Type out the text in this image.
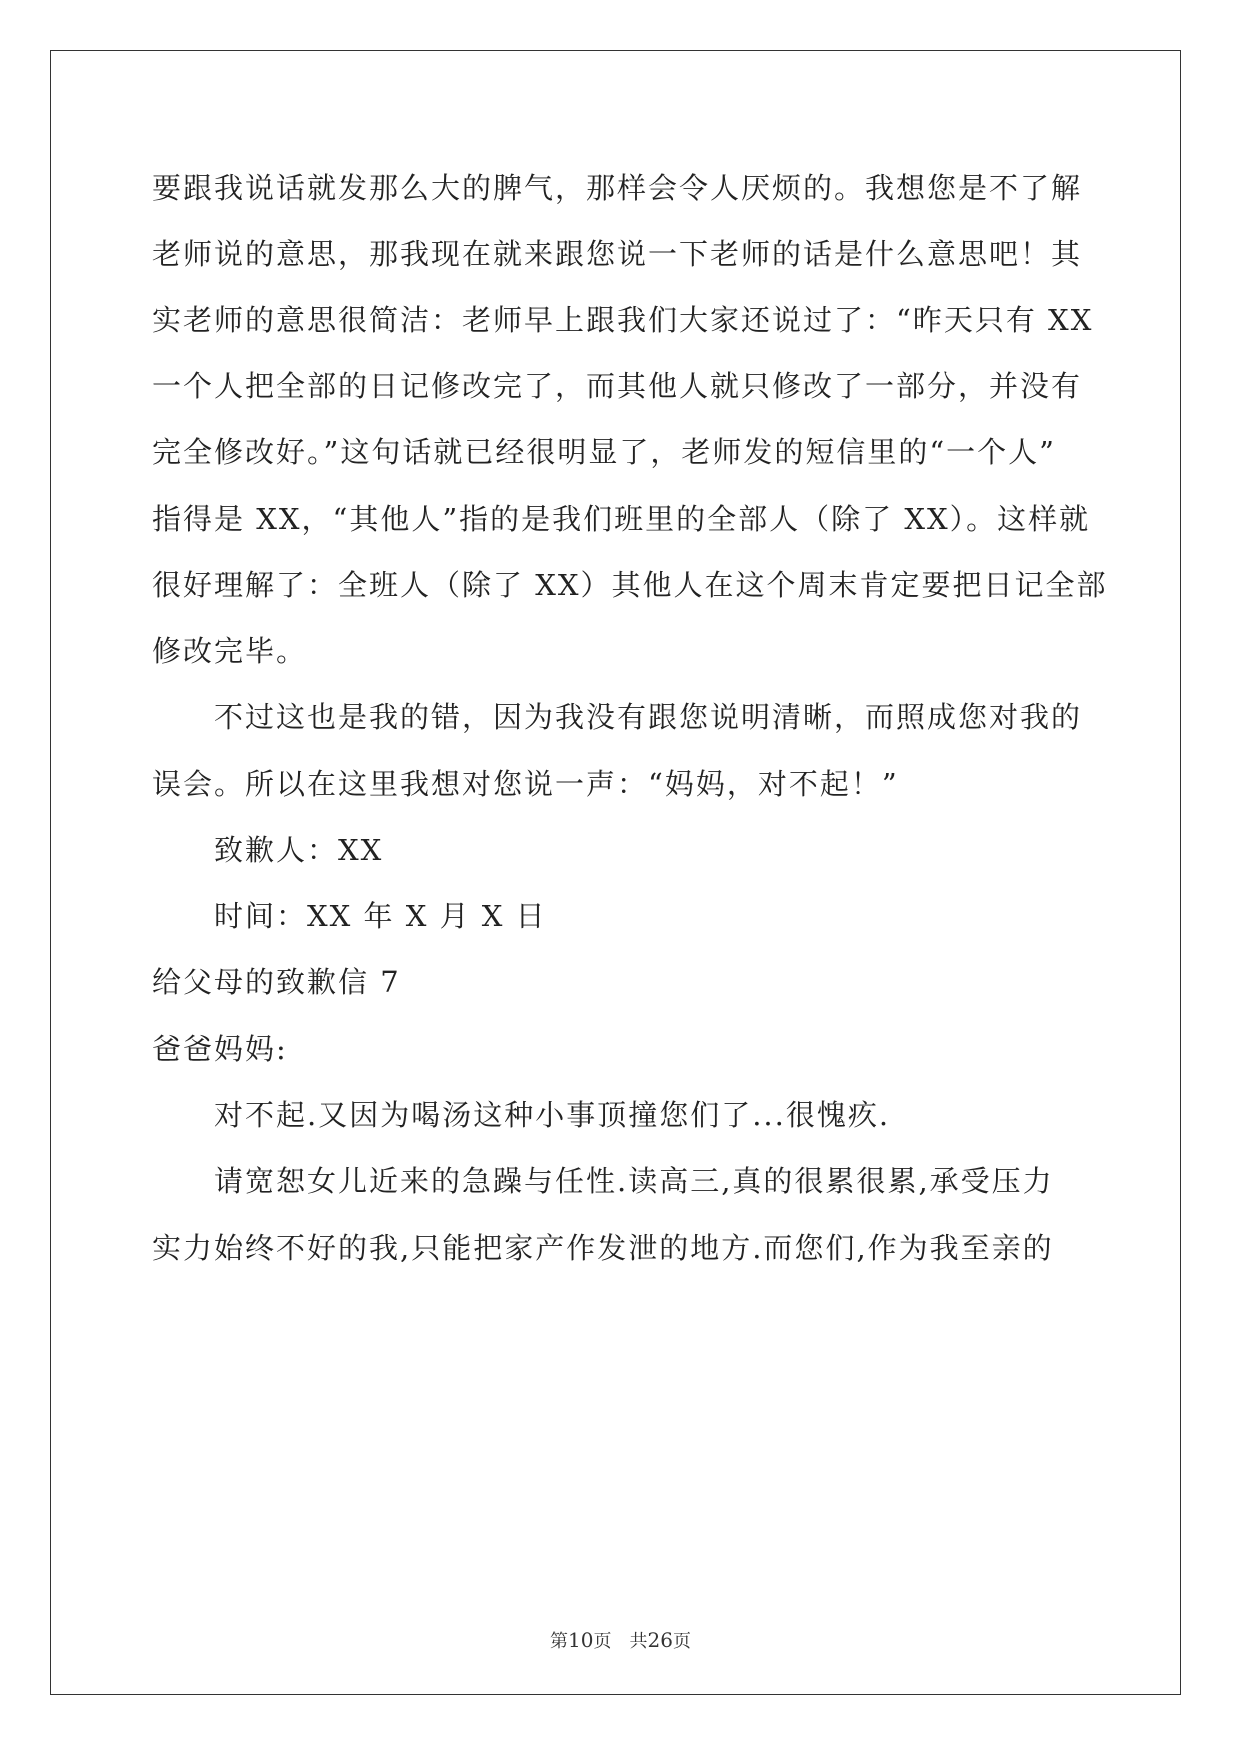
要跟我说话就发那么大的脾气，那样会令人厌烦的。我想您是不了解
老师说的意思，那我现在就来跟您说一下老师的话是什么意思吧！其
实老师的意思很简洁：老师早上跟我们大家还说过了：“昨天只有 XX
一个人把全部的日记修改完了，而其他人就只修改了一部分，并没有
完全修改好。”这句话就已经很明显了，老师发的短信里的“一个人”
指得是 XX，“其他人”指的是我们班里的全部人（除了 XX）。这样就
很好理解了：全班人（除了 XX）其他人在这个周末肯定要把日记全部
修改完毕。
不过这也是我的错，因为我没有跟您说明清晰，而照成您对我的
误会。所以在这里我想对您说一声：“妈妈，对不起！”
致歉人：XX
时间：XX 年 X 月 X 日
给父母的致歉信 7
爸爸妈妈:
对不起.又因为喝汤这种小事顶撞您们了...很愧疚.
请宽恕女儿近来的急躁与任性.读高三,真的很累很累,承受压力
实力始终不好的我,只能把家产作发泄的地方.而您们,作为我至亲的
第10页　共26页
